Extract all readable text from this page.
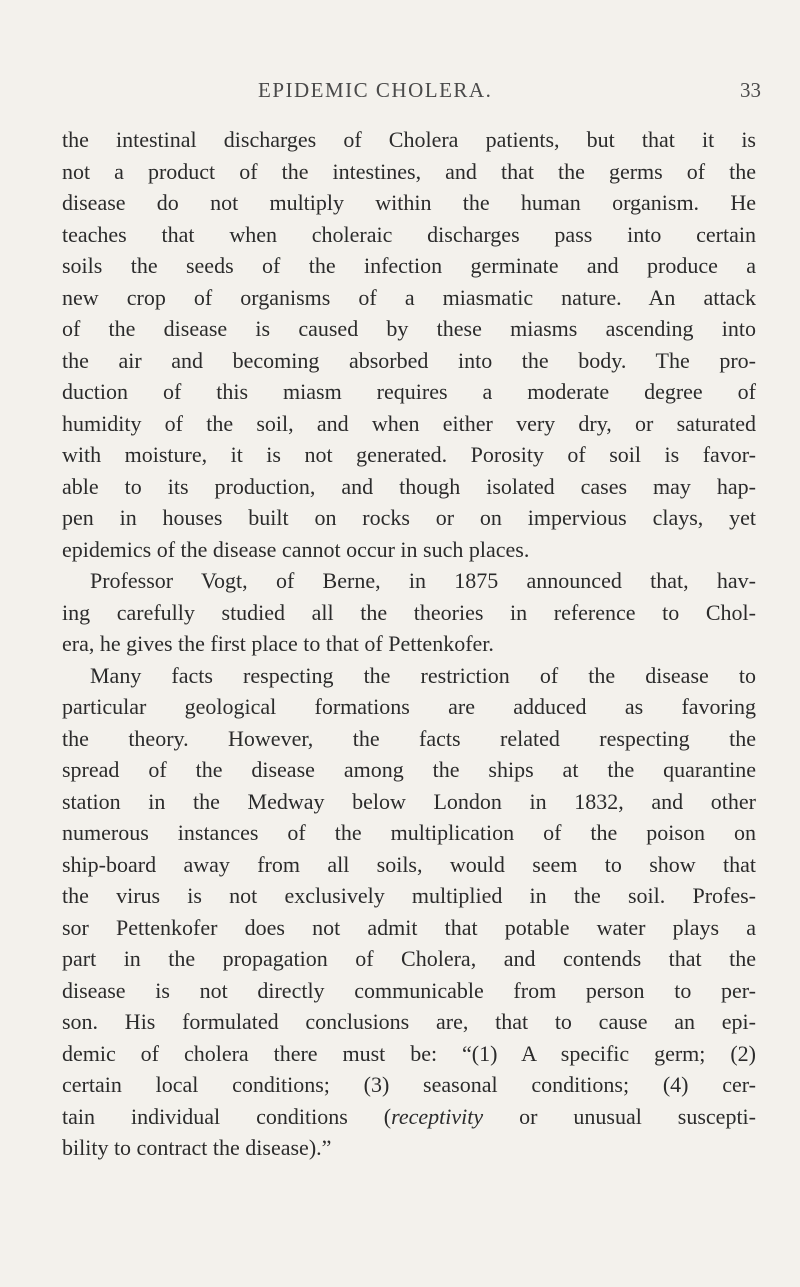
EPIDEMIC CHOLERA.	33
the intestinal discharges of Cholera patients, but that it is
not a product of the intestines, and that the germs of the
disease do not multiply within the human organism. He
teaches that when choleraic discharges pass into certain
soils the seeds of the infection germinate and produce a
new crop of organisms of a miasmatic nature. An attack
of the disease is caused by these miasms ascending into
the air and becoming absorbed into the body. The pro-
duction of this miasm requires a moderate degree of
humidity of the soil, and when either very dry, or saturated
with moisture, it is not generated. Porosity of soil is favor-
able to its production, and though isolated cases may hap-
pen in houses built on rocks or on impervious clays, yet
epidemics of the disease cannot occur in such places.
Professor Vogt, of Berne, in 1875 announced that, hav-
ing carefully studied all the theories in reference to Chol-
era, he gives the first place to that of Pettenkofer.
Many facts respecting the restriction of the disease to
particular geological formations are adduced as favoring
the theory. However, the facts related respecting the
spread of the disease among the ships at the quarantine
station in the Medway below London in 1832, and other
numerous instances of the multiplication of the poison on
ship-board away from all soils, would seem to show that
the virus is not exclusively multiplied in the soil. Profes-
sor Pettenkofer does not admit that potable water plays a
part in the propagation of Cholera, and contends that the
disease is not directly communicable from person to per-
son. His formulated conclusions are, that to cause an epi-
demic of cholera there must be: “(1) A specific germ; (2)
certain local conditions; (3) seasonal conditions; (4) cer-
tain individual conditions (receptivity or unusual suscepti-
bility to contract the disease).”
